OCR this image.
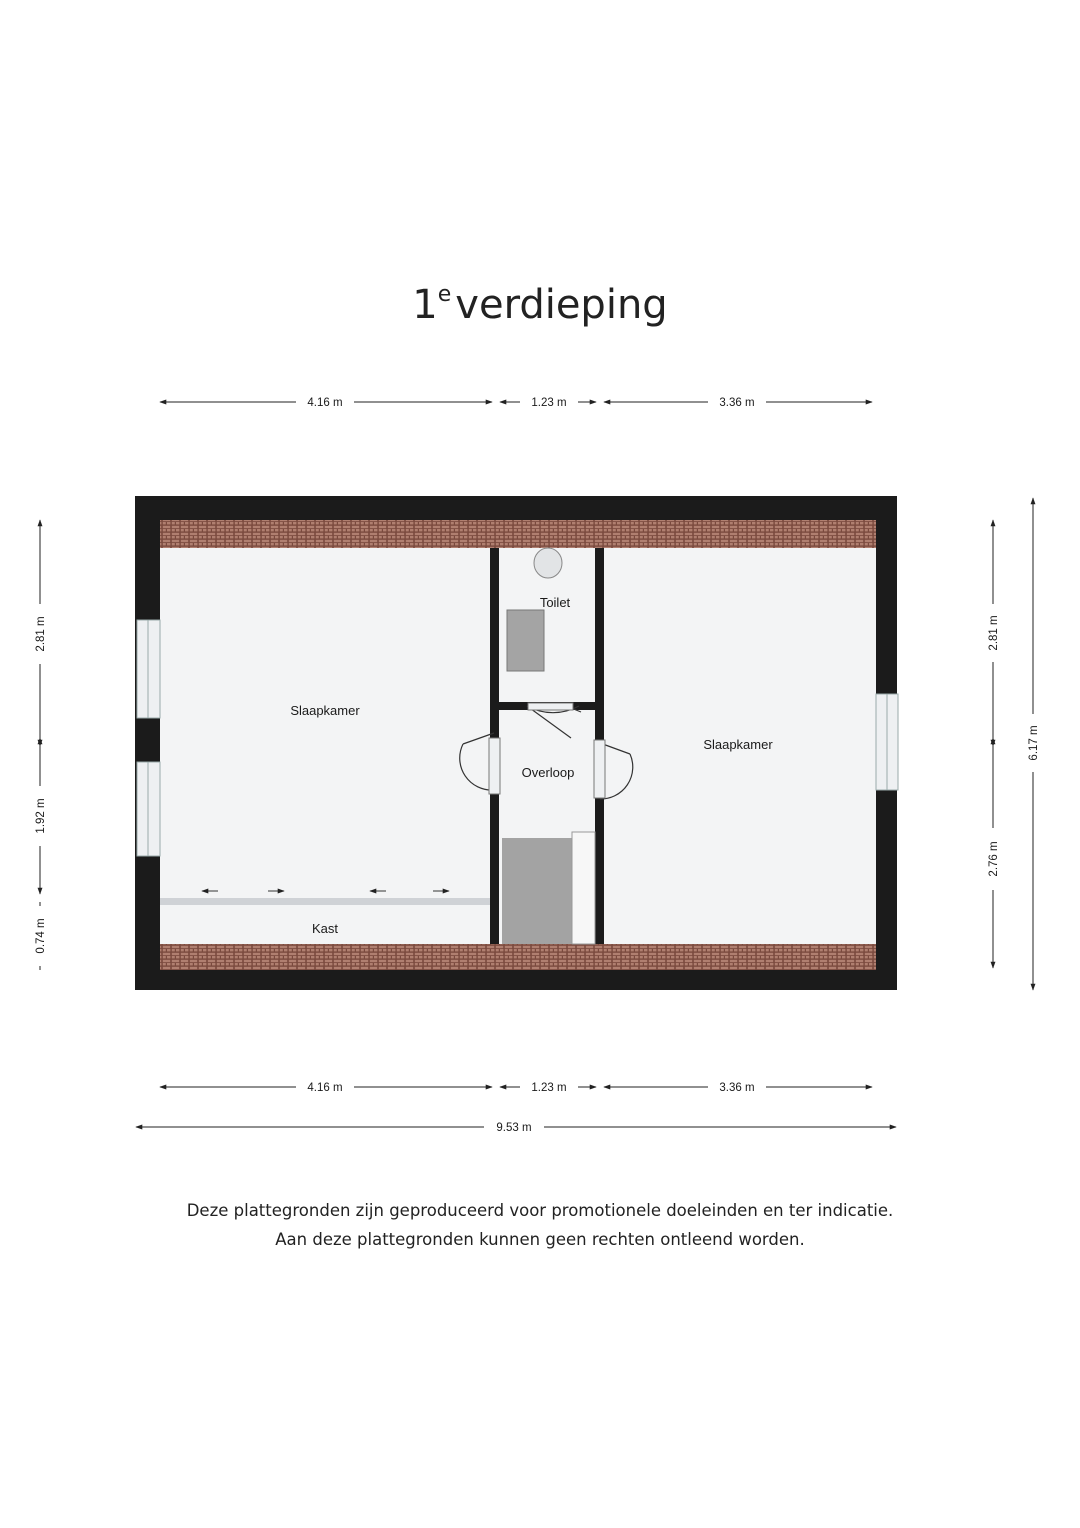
1e verdieping
Slaapkamer
Slaapkamer
Toilet
Overloop
Kast
4.16 m	1.23 m	3.36 m
4.16 m	1.23 m	3.36 m
9.53 m
2.81 m
1.92 m
0.74 m
2.81 m
2.76 m
6.17 m
Deze plattegronden zijn geproduceerd voor promotionele doeleinden en ter indicatie.
Aan deze plattegronden kunnen geen rechten ontleend worden.
